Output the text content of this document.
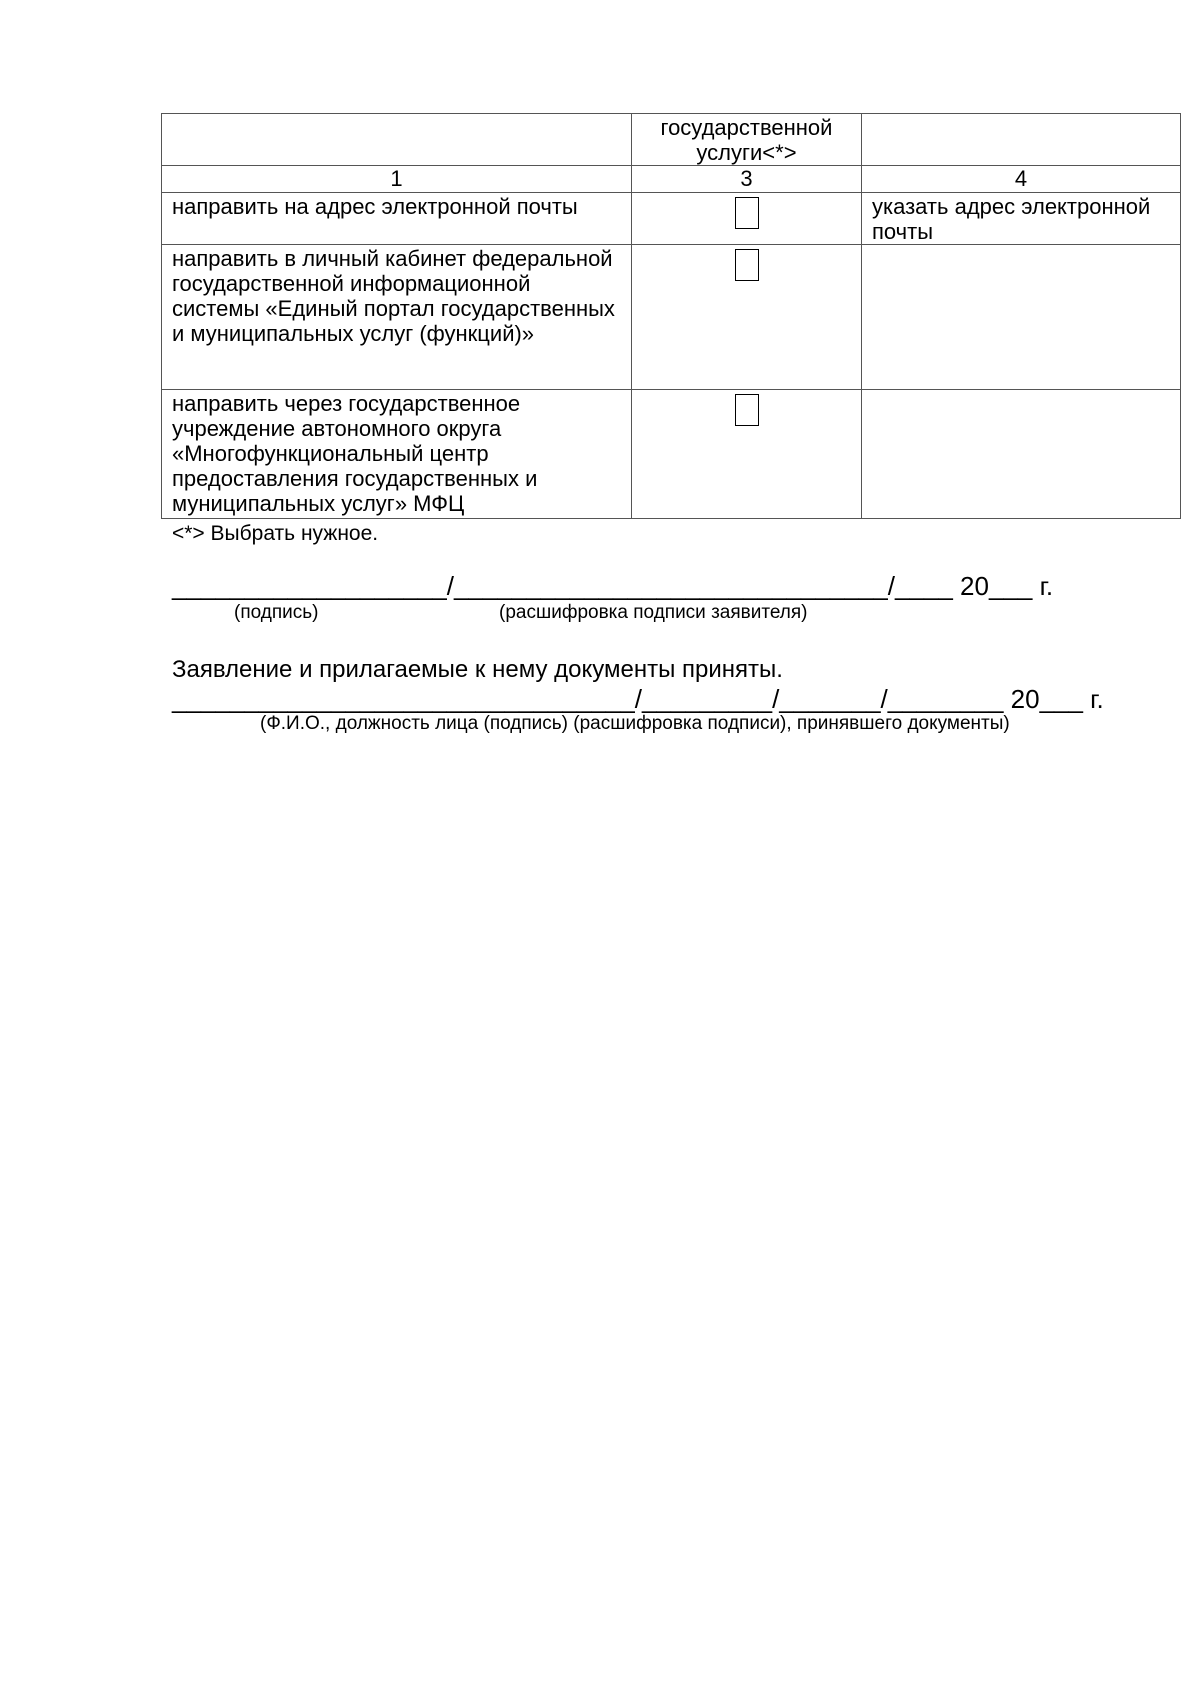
	государственной услуги<*>	

1	3	4

направить на адрес электронной почты		указать адрес электронной почты

направить в личный кабинет федеральной государственной информационной системы «Единый портал государственных и муниципальных услуг (функций)»		

направить через государственное учреждение автономного округа «Многофункциональный центр предоставления государственных и муниципальных услуг» МФЦ		

<*> Выбрать нужное.
___________________/______________________________/____ 20___ г.
(подпись)	(расшифровка подписи заявителя)
Заявление и прилагаемые к нему документы приняты.
________________________________/_________/_______/________ 20___ г.
(Ф.И.О., должность лица (подпись) (расшифровка подписи), принявшего документы)
